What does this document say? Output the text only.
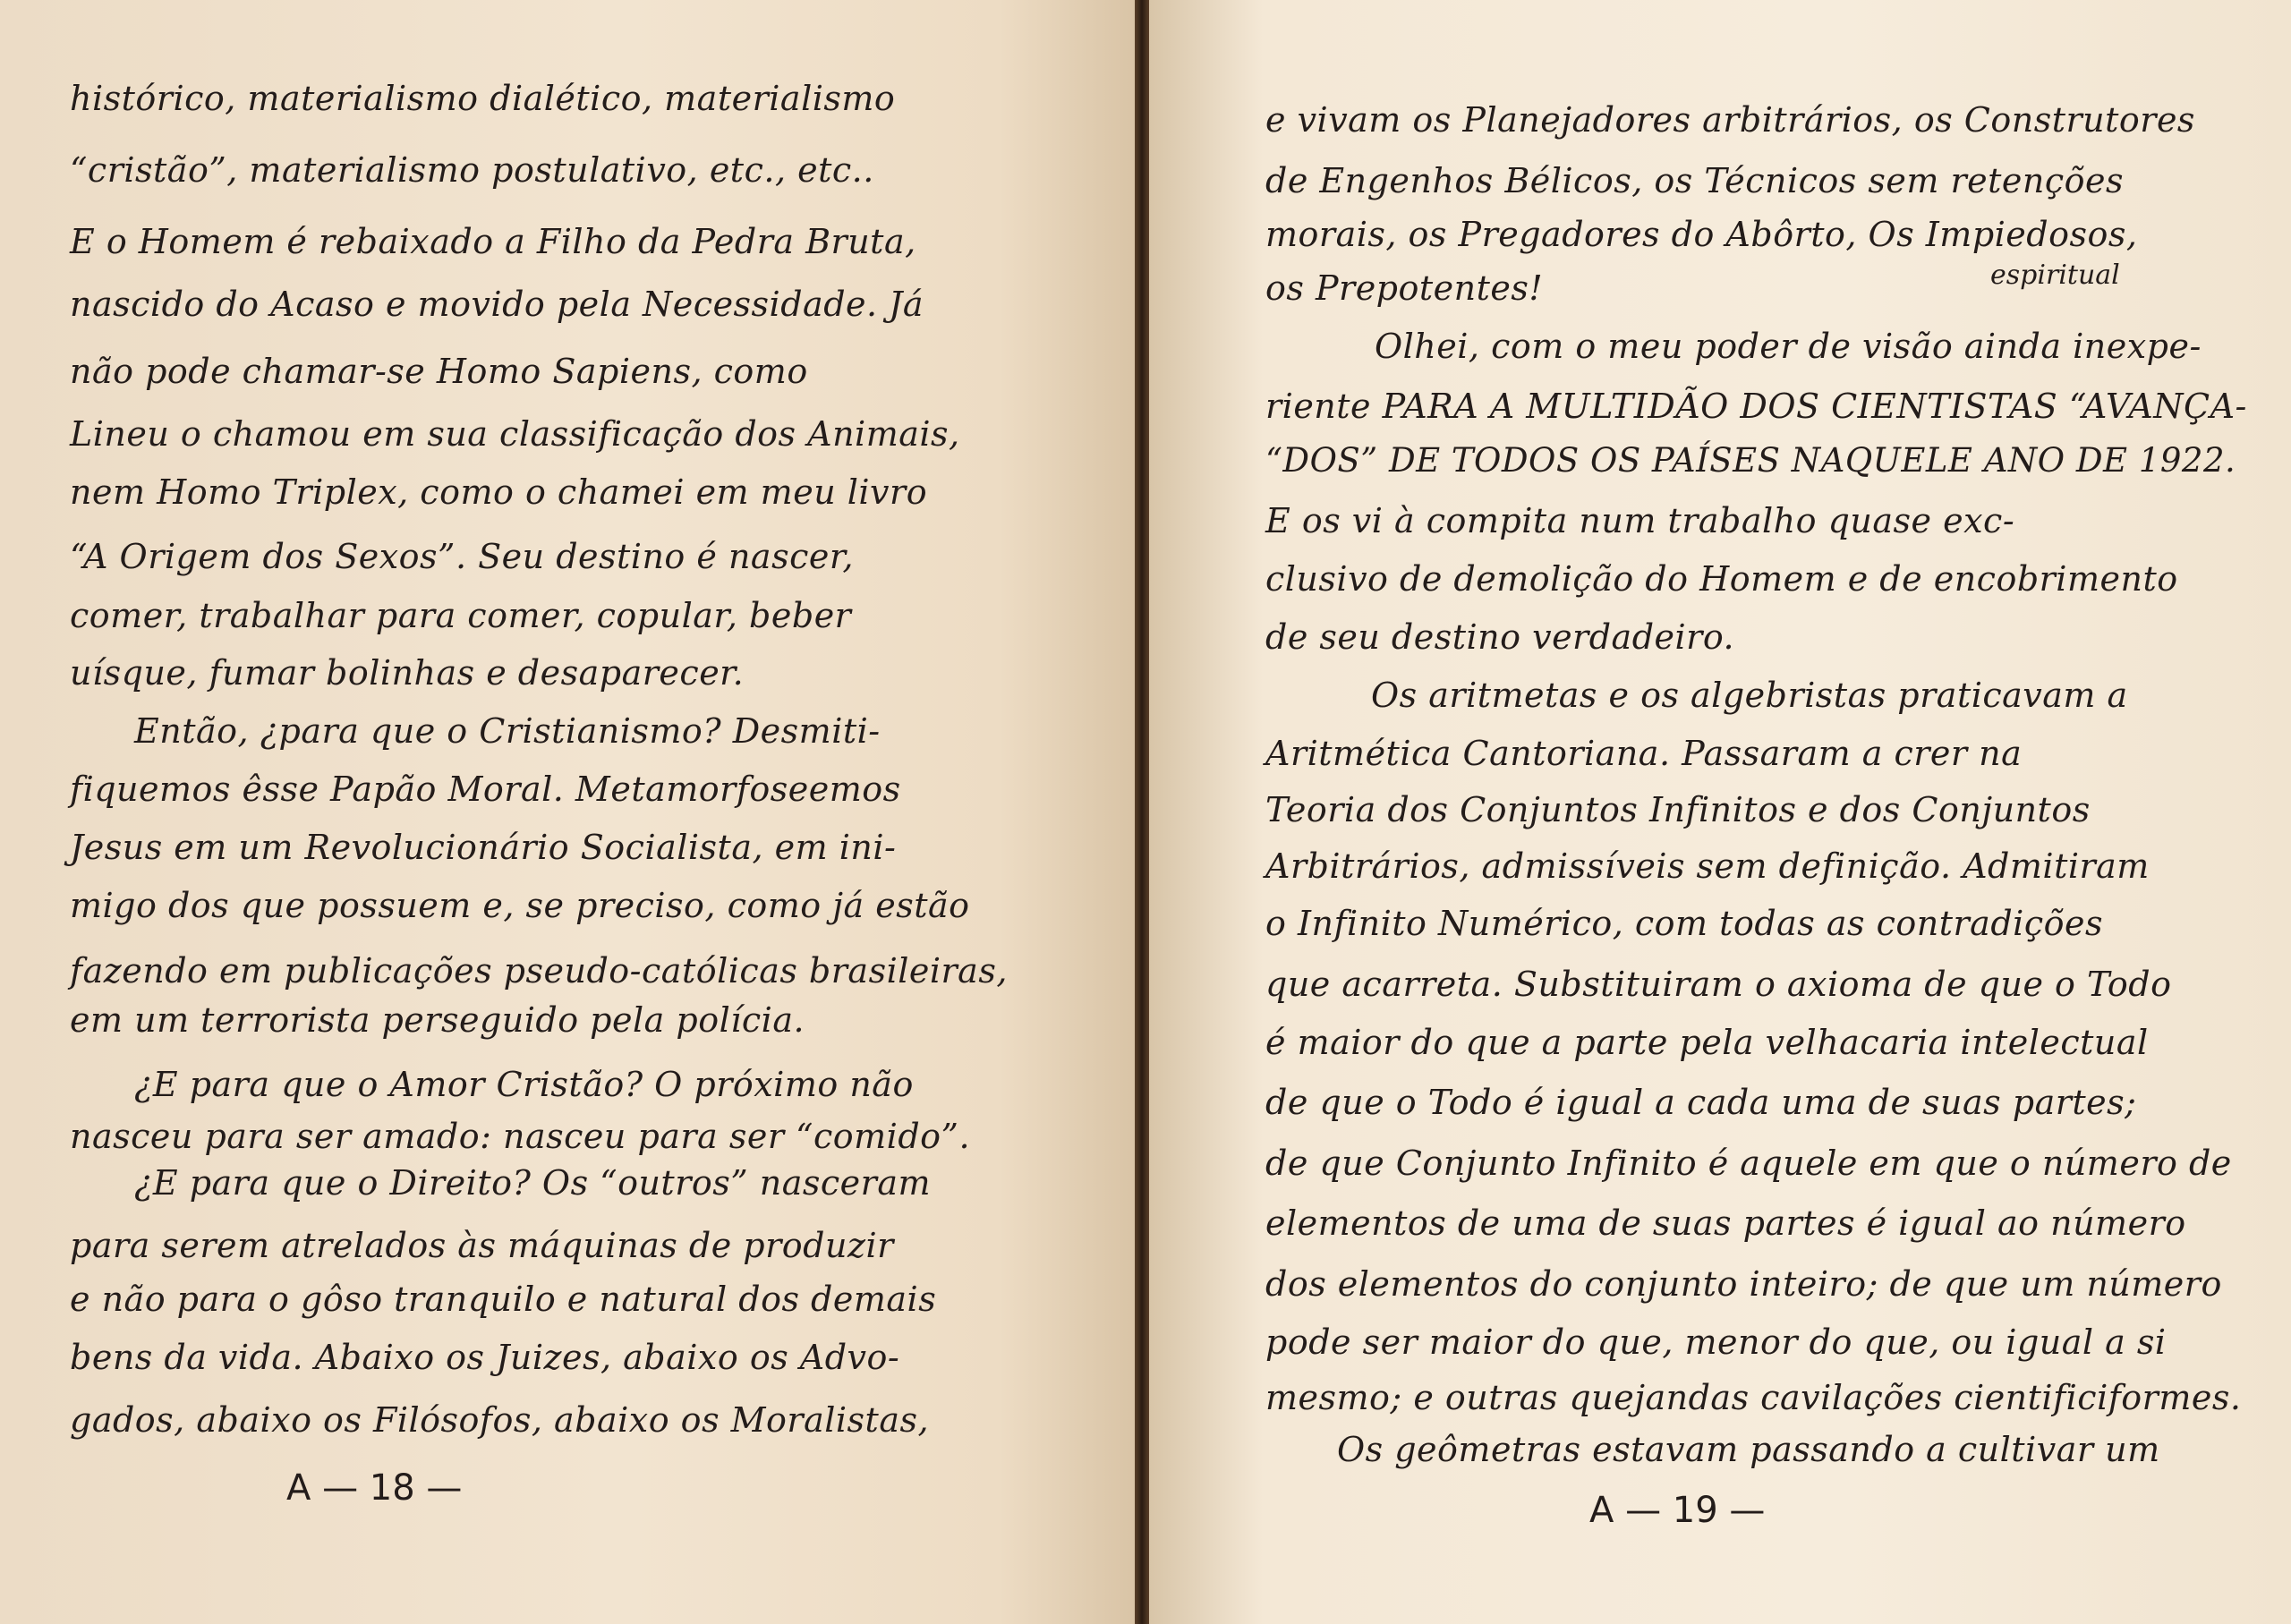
histórico, materialismo dialético, materialismo
“cristão”, materialismo postulativo, etc., etc..
E o Homem é rebaixado a Filho da Pedra Bruta,
nascido do Acaso e movido pela Necessidade. Já
não pode chamar-se Homo Sapiens, como
Lineu o chamou em sua classificação dos Animais,
nem Homo Triplex, como o chamei em meu livro
“A Origem dos Sexos”. Seu destino é nascer,
comer, trabalhar para comer, copular, beber
uísque, fumar bolinhas e desaparecer.
Então, ¿para que o Cristianismo? Desmiti-
fiquemos êsse Papão Moral. Metamorfoseemos
Jesus em um Revolucionário Socialista, em ini-
migo dos que possuem e, se preciso, como já estão
fazendo em publicações pseudo-católicas brasileiras,
em um terrorista perseguido pela polícia.
¿E para que o Amor Cristão? O próximo não
nasceu para ser amado: nasceu para ser “comido”.
¿E para que o Direito? Os “outros” nasceram
para serem atrelados às máquinas de produzir
e não para o gôso tranquilo e natural dos demais
bens da vida. Abaixo os Juizes, abaixo os Advo-
gados, abaixo os Filósofos, abaixo os Moralistas,
A — 18 —
e vivam os Planejadores arbitrários, os Construtores
de Engenhos Bélicos, os Técnicos sem retenções
morais, os Pregadores do Abôrto, Os Impiedosos,
os Prepotentes!	espiritual
Olhei, com o meu poder de visão ainda inexpe-
riente PARA A MULTIDÃO DOS CIENTISTAS “AVANÇA-
“DOS” DE TODOS OS PAÍSES NAQUELE ANO DE 1922.
E os vi à compita num trabalho quase exc-
clusivo de demolição do Homem e de encobrimento
de seu destino verdadeiro.
Os aritmetas e os algebristas praticavam a
Aritmética Cantoriana. Passaram a crer na
Teoria dos Conjuntos Infinitos e dos Conjuntos
Arbitrários, admissíveis sem definição. Admitiram
o Infinito Numérico, com todas as contradições
que acarreta. Substituiram o axioma de que o Todo
é maior do que a parte pela velhacaria intelectual
de que o Todo é igual a cada uma de suas partes;
de que Conjunto Infinito é aquele em que o número de
elementos de uma de suas partes é igual ao número
dos elementos do conjunto inteiro; de que um número
pode ser maior do que, menor do que, ou igual a si
mesmo; e outras quejandas cavilações cientificiformes.
Os geômetras estavam passando a cultivar um
A — 19 —
